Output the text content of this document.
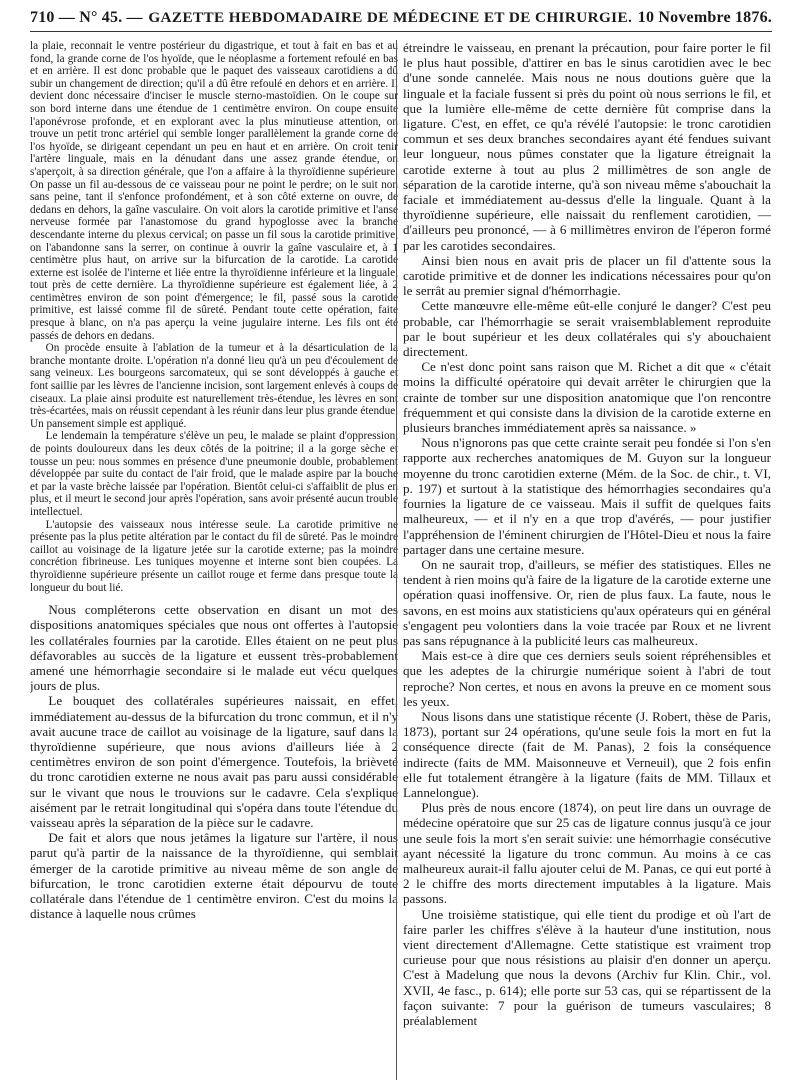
710 — N° 45. — GAZETTE HEBDOMADAIRE DE MÉDECINE ET DE CHIRURGIE. 10 Novembre 1876.

la plaie, reconnait le ventre postérieur du digastrique, et tout à fait en bas et au fond, la grande corne de l'os hyoïde, que le néoplasme a fortement refoulé en bas et en arrière. Il est donc probable que le paquet des vaisseaux carotidiens a dû subir un changement de direction; qu'il a dû être refoulé en dehors et en arrière. Il devient donc nécessaire d'inciser le muscle sterno-mastoïdien. On le coupe sur son bord interne dans une étendue de 1 centimètre environ. On coupe ensuite l'aponévrose profonde, et en explorant avec la plus minutieuse attention, on trouve un petit tronc artériel qui semble longer parallèlement la grande corne de l'os hyoïde, se dirigeant cependant un peu en haut et en arrière. On croit tenir l'artère linguale, mais en la dénudant dans une assez grande étendue, on s'aperçoit, à sa direction générale, que l'on a affaire à la thyroïdienne supérieure. On passe un fil au-dessous de ce vaisseau pour ne point le perdre; on le suit non sans peine, tant il s'enfonce profondément, et à son côté externe on ouvre, de dedans en dehors, la gaîne vasculaire. On voit alors la carotide primitive et l'anse nerveuse formée par l'anastomose du grand hypoglosse avec la branche descendante interne du plexus cervical; on passe un fil sous la carotide primitive, on l'abandonne sans la serrer, on continue à ouvrir la gaîne vasculaire et, à 1 centimètre plus haut, on arrive sur la bifurcation de la carotide. La carotide externe est isolée de l'interne et liée entre la thyroïdienne inférieure et la linguale, tout près de cette dernière. La thyroïdienne supérieure est également liée, à 2 centimètres environ de son point d'émergence; le fil, passé sous la carotide primitive, est laissé comme fil de sûreté. Pendant toute cette opération, faite presque à blanc, on n'a pas aperçu la veine jugulaire interne. Les fils ont été passés de dehors en dedans.

On procède ensuite à l'ablation de la tumeur et à la désarticulation de la branche montante droite. L'opération n'a donné lieu qu'à un peu d'écoulement de sang veineux. Les bourgeons sarcomateux, qui se sont développés à gauche et font saillie par les lèvres de l'ancienne incision, sont largement enlevés à coups de ciseaux. La plaie ainsi produite est naturellement très-étendue, les lèvres en sont très-écartées, mais on réussit cependant à les réunir dans leur plus grande étendue. Un pansement simple est appliqué.

Le lendemain la température s'élève un peu, le malade se plaint d'oppression, de points douloureux dans les deux côtés de la poitrine; il a la gorge sèche et tousse un peu: nous sommes en présence d'une pneumonie double, probablement développée par suite du contact de l'air froid, que le malade aspire par la bouche et par la vaste brèche laissée par l'opération. Bientôt celui-ci s'affaiblit de plus en plus, et il meurt le second jour après l'opération, sans avoir présenté aucun trouble intellectuel.

L'autopsie des vaisseaux nous intéresse seule. La carotide primitive ne présente pas la plus petite altération par le contact du fil de sûreté. Pas le moindre caillot au voisinage de la ligature jetée sur la carotide externe; pas la moindre concrétion fibrineuse. Les tuniques moyenne et interne sont bien coupées. La thyroïdienne supérieure présente un caillot rouge et ferme dans presque toute la longueur du bout lié.

Nous compléterons cette observation en disant un mot des dispositions anatomiques spéciales que nous ont offertes à l'autopsie les collatérales fournies par la carotide. Elles étaient on ne peut plus défavorables au succès de la ligature et eussent très-probablement amené une hémorrhagie secondaire si le malade eut vécu quelques jours de plus.

Le bouquet des collatérales supérieures naissait, en effet, immédiatement au-dessus de la bifurcation du tronc commun, et il n'y avait aucune trace de caillot au voisinage de la ligature, sauf dans la thyroïdienne supérieure, que nous avions d'ailleurs liée à 2 centimètres environ de son point d'émergence. Toutefois, la brièveté du tronc carotidien externe ne nous avait pas paru aussi considérable sur le vivant que nous le trouvions sur le cadavre. Cela s'explique aisément par le retrait longitudinal qui s'opéra dans toute l'étendue du vaisseau après la séparation de la pièce sur le cadavre.

De fait et alors que nous jetâmes la ligature sur l'artère, il nous parut qu'à partir de la naissance de la thyroïdienne, qui semblait émerger de la carotide primitive au niveau même de son angle de bifurcation, le tronc carotidien externe était dépourvu de toute collatérale dans l'étendue de 1 centimètre environ. C'est du moins la distance à laquelle nous crûmes

étreindre le vaisseau, en prenant la précaution, pour faire porter le fil le plus haut possible, d'attirer en bas le sinus carotidien avec le bec d'une sonde cannelée. Mais nous ne nous doutions guère que la linguale et la faciale fussent si près du point où nous serrions le fil, et que la lumière elle-même de cette dernière fût comprise dans la ligature. C'est, en effet, ce qu'a révélé l'autopsie: le tronc carotidien commun et ses deux branches secondaires ayant été fendues suivant leur longueur, nous pûmes constater que la ligature étreignait la carotide externe à tout au plus 2 millimètres de son angle de séparation de la carotide interne, qu'à son niveau même s'abouchait la faciale et immédiatement au-dessus d'elle la linguale. Quant à la thyroïdienne supérieure, elle naissait du renflement carotidien, — d'ailleurs peu prononcé, — à 6 millimètres environ de l'éperon formé par les carotides secondaires.

Ainsi bien nous en avait pris de placer un fil d'attente sous la carotide primitive et de donner les indications nécessaires pour qu'on le serrât au premier signal d'hémorrhagie.

Cette manœuvre elle-même eût-elle conjuré le danger? C'est peu probable, car l'hémorrhagie se serait vraisemblablement reproduite par le bout supérieur et les deux collatérales qui s'y abouchaient directement.

Ce n'est donc point sans raison que M. Richet a dit que « c'était moins la difficulté opératoire qui devait arrêter le chirurgien que la crainte de tomber sur une disposition anatomique que l'on rencontre fréquemment et qui consiste dans la division de la carotide externe en plusieurs branches immédiatement après sa naissance. »

Nous n'ignorons pas que cette crainte serait peu fondée si l'on s'en rapporte aux recherches anatomiques de M. Guyon sur la longueur moyenne du tronc carotidien externe (Mém. de la Soc. de chir., t. VI, p. 197) et surtout à la statistique des hémorrhagies secondaires qu'a fournies la ligature de ce vaisseau. Mais il suffit de quelques faits malheureux, — et il n'y en a que trop d'avérés, — pour justifier l'appréhension de l'éminent chirurgien de l'Hôtel-Dieu et nous la faire partager dans une certaine mesure.

On ne saurait trop, d'ailleurs, se méfier des statistiques. Elles ne tendent à rien moins qu'à faire de la ligature de la carotide externe une opération quasi inoffensive. Or, rien de plus faux. La faute, nous le savons, en est moins aux statisticiens qu'aux opérateurs qui en général s'engagent peu volontiers dans la voie tracée par Roux et ne livrent pas sans répugnance à la publicité leurs cas malheureux.

Mais est-ce à dire que ces derniers seuls soient répréhensibles et que les adeptes de la chirurgie numérique soient à l'abri de tout reproche? Non certes, et nous en avons la preuve en ce moment sous les yeux.

Nous lisons dans une statistique récente (J. Robert, thèse de Paris, 1873), portant sur 24 opérations, qu'une seule fois la mort en fut la conséquence directe (fait de M. Panas), 2 fois la conséquence indirecte (faits de MM. Maisonneuve et Verneuil), que 2 fois enfin elle fut totalement étrangère à la ligature (faits de MM. Tillaux et Lannelongue).

Plus près de nous encore (1874), on peut lire dans un ouvrage de médecine opératoire que sur 25 cas de ligature connus jusqu'à ce jour une seule fois la mort s'en serait suivie: une hémorrhagie consécutive ayant nécessité la ligature du tronc commun. Au moins à ce cas malheureux aurait-il fallu ajouter celui de M. Panas, ce qui eut porté à 2 le chiffre des morts directement imputables à la ligature. Mais passons.

Une troisième statistique, qui elle tient du prodige et où l'art de faire parler les chiffres s'élève à la hauteur d'une institution, nous vient directement d'Allemagne. Cette statistique est vraiment trop curieuse pour que nous résistions au plaisir d'en donner un aperçu. C'est à Madelung que nous la devons (Archiv fur Klin. Chir., vol. XVII, 4e fasc., p. 614); elle porte sur 53 cas, qui se répartissent de la façon suivante: 7 pour la guérison de tumeurs vasculaires; 8 préalablement
